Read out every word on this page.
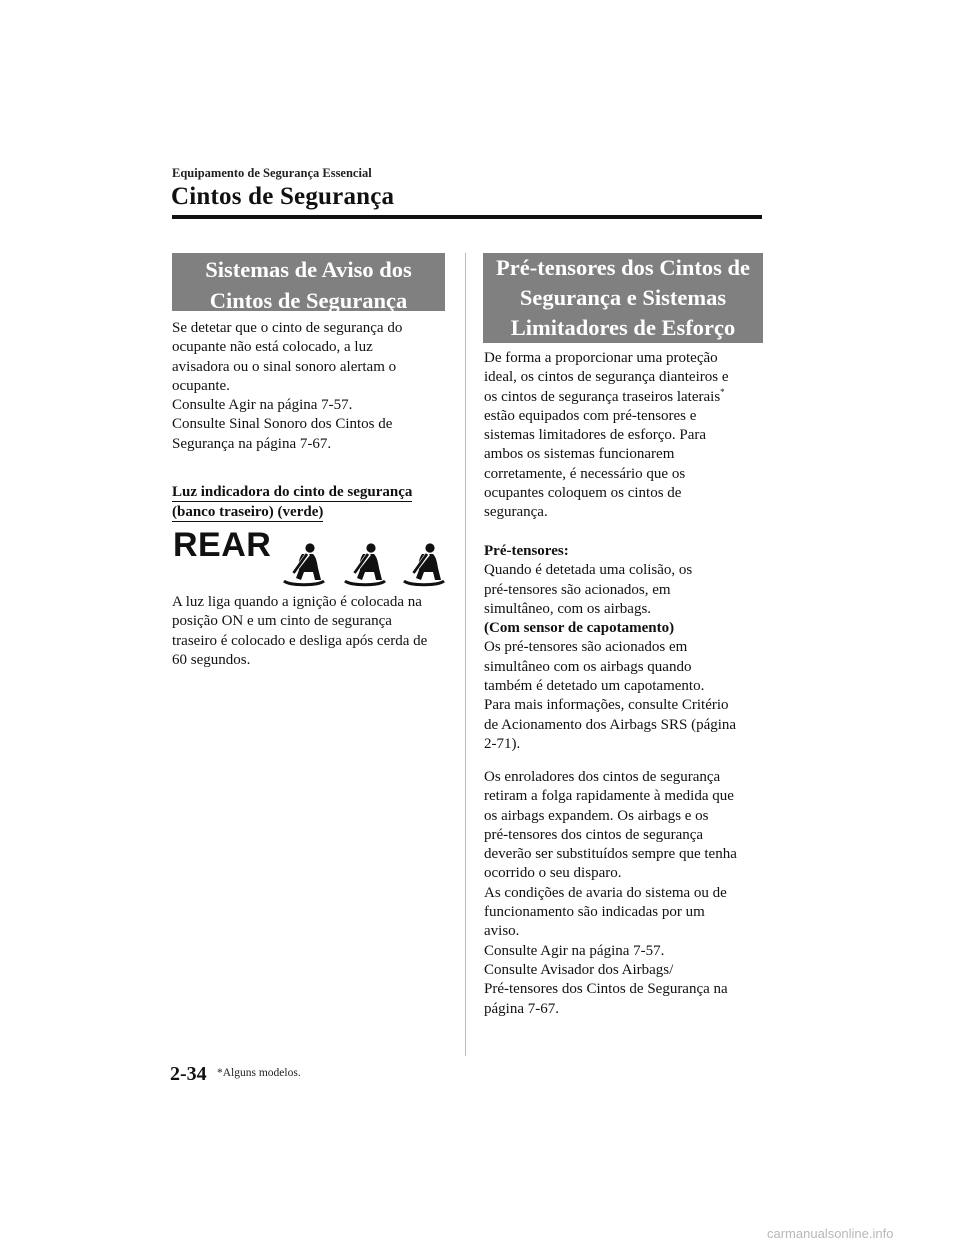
Equipamento de Segurança Essencial
Cintos de Segurança
Sistemas de Aviso dos
Cintos de Segurança
Se detetar que o cinto de segurança do
ocupante não está colocado, a luz
avisadora ou o sinal sonoro alertam o
ocupante.
Consulte Agir na página 7-57.
Consulte Sinal Sonoro dos Cintos de
Segurança na página 7-67.
Luz indicadora do cinto de segurança
(banco traseiro) (verde)
REAR
A luz liga quando a ignição é colocada na
posição ON e um cinto de segurança
traseiro é colocado e desliga após cerda de
60 segundos.
Pré-tensores dos Cintos de
Segurança e Sistemas
Limitadores de Esforço
De forma a proporcionar uma proteção
ideal, os cintos de segurança dianteiros e
os cintos de segurança traseiros laterais*
estão equipados com pré-tensores e
sistemas limitadores de esforço. Para
ambos os sistemas funcionarem
corretamente, é necessário que os
ocupantes coloquem os cintos de
segurança.
Pré-tensores:
Quando é detetada uma colisão, os
pré-tensores são acionados, em
simultâneo, com os airbags.
(Com sensor de capotamento)
Os pré-tensores são acionados em
simultâneo com os airbags quando
também é detetado um capotamento.
Para mais informações, consulte Critério
de Acionamento dos Airbags SRS (página
2-71).
Os enroladores dos cintos de segurança
retiram a folga rapidamente à medida que
os airbags expandem. Os airbags e os
pré-tensores dos cintos de segurança
deverão ser substituídos sempre que tenha
ocorrido o seu disparo.
As condições de avaria do sistema ou de
funcionamento são indicadas por um
aviso.
Consulte Agir na página 7-57.
Consulte Avisador dos Airbags/
Pré-tensores dos Cintos de Segurança na
página 7-67.
2-34 *Alguns modelos.
carmanualsonline.info
